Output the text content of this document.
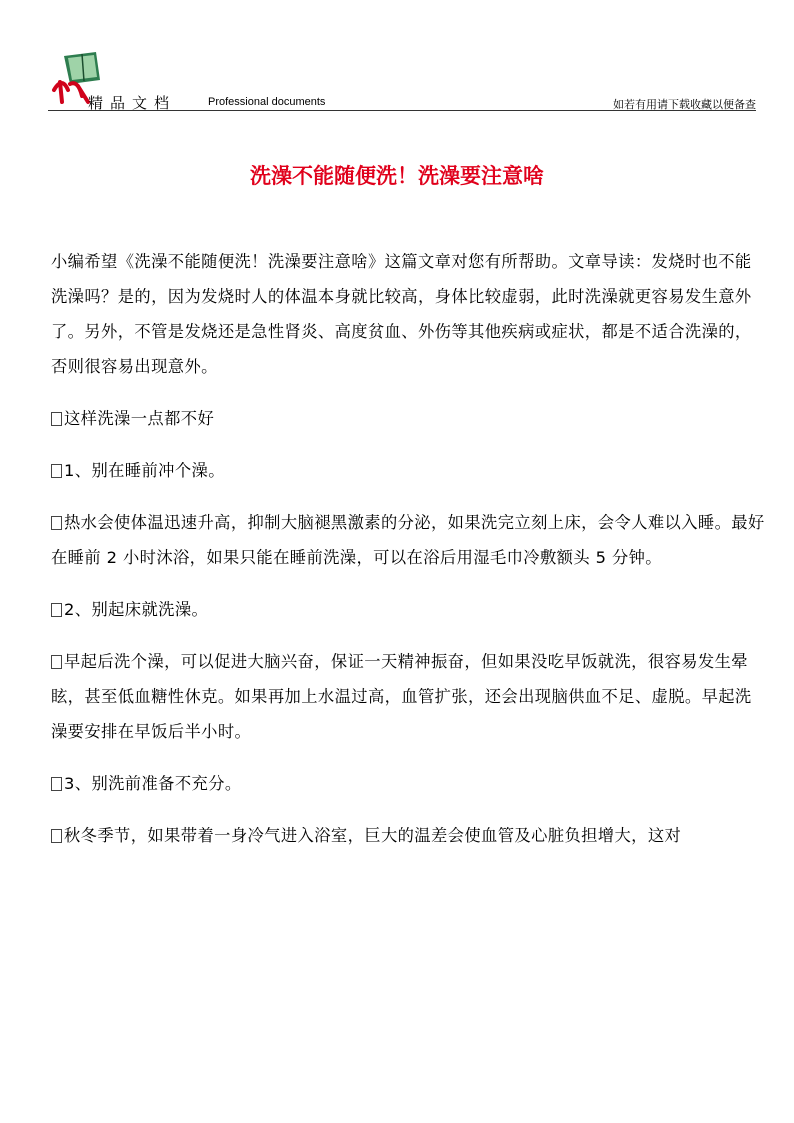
精品文档	Professional documents	如若有用请下载收藏以便备查
洗澡不能随便洗！洗澡要注意啥

小编希望《洗澡不能随便洗！洗澡要注意啥》这篇文章对您有所帮助。文章导读：发烧时也不能洗澡吗？是的，因为发烧时人的体温本身就比较高，身体比较虚弱，此时洗澡就更容易发生意外了。另外，不管是发烧还是急性肾炎、高度贫血、外伤等其他疾病或症状，都是不适合洗澡的，否则很容易出现意外。

这样洗澡一点都不好

1、别在睡前冲个澡。

热水会使体温迅速升高，抑制大脑褪黑激素的分泌，如果洗完立刻上床，会令人难以入睡。最好在睡前 2 小时沐浴，如果只能在睡前洗澡，可以在浴后用湿毛巾冷敷额头 5 分钟。

2、别起床就洗澡。

早起后洗个澡，可以促进大脑兴奋，保证一天精神振奋，但如果没吃早饭就洗，很容易发生晕眩，甚至低血糖性休克。如果再加上水温过高，血管扩张，还会出现脑供血不足、虚脱。早起洗澡要安排在早饭后半小时。

3、别洗前准备不充分。

秋冬季节，如果带着一身冷气进入浴室，巨大的温差会使血管及心脏负担增大，这对
